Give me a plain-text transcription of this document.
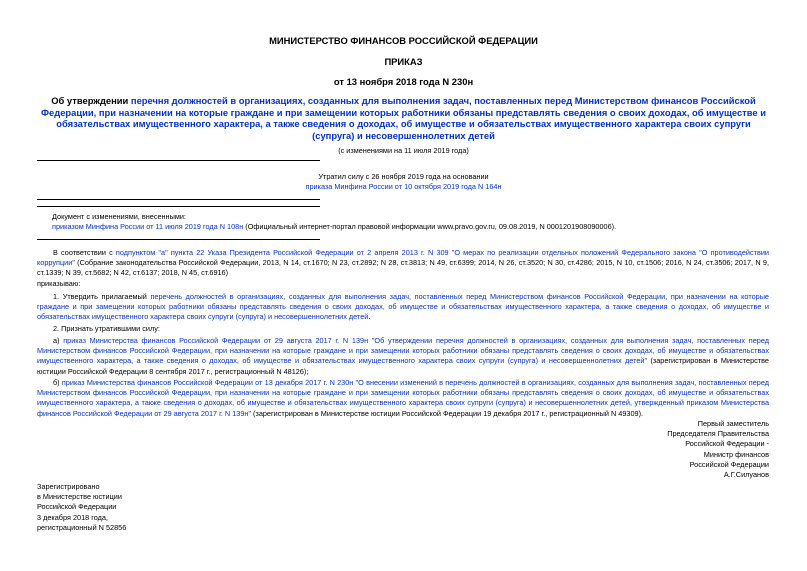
МИНИСТЕРСТВО ФИНАНСОВ РОССИЙСКОЙ ФЕДЕРАЦИИ
ПРИКАЗ
от 13 ноября 2018 года N 230н
Об утверждении перечня должностей в организациях, созданных для выполнения задач, поставленных перед Министерством финансов Российской Федерации, при назначении на которые граждане и при замещении которых работники обязаны представлять сведения о своих доходах, об имуществе и обязательствах имущественного характера, а также сведения о доходах, об имуществе и обязательствах имущественного характера своих супруги (супруга) и несовершеннолетних детей
(с изменениями на 11 июля 2019 года)
Утратил силу с 26 ноября 2019 года на основании
приказа Минфина России от 10 октября 2019 года N 164н
Документ с изменениями, внесенными:
приказом Минфина России от 11 июля 2019 года N 108н (Официальный интернет-портал правовой информации www.pravo.gov.ru, 09.08.2019, N 0001201908090006).
В соответствии с подпунктом "а" пункта 22 Указа Президента Российской Федерации от 2 апреля 2013 г. N 309 "О мерах по реализации отдельных положений Федерального закона "О противодействии коррупции" (Собрание законодательства Российской Федерации, 2013, N 14, ст.1670; N 23, ст.2892; N 28, ст.3813; N 49, ст.6399; 2014, N 26, ст.3520; N 30, ст.4286; 2015, N 10, ст.1506; 2016, N 24, ст.3506; 2017, N 9, ст.1339; N 39, ст.5682; N 42, ст.6137; 2018, N 45, ст.6916)
приказываю:
1. Утвердить прилагаемый перечень должностей в организациях, созданных для выполнения задач, поставленных перед Министерством финансов Российской Федерации, при назначении на которые граждане и при замещении которых работники обязаны представлять сведения о своих доходах, об имуществе и обязательствах имущественного характера, а также сведения о доходах, об имуществе и обязательствах имущественного характера своих супруги (супруга) и несовершеннолетних детей.
2. Признать утратившими силу:
а) приказ Министерства финансов Российской Федерации от 29 августа 2017 г. N 139н "Об утверждении перечня должностей в организациях, созданных для выполнения задач, поставленных перед Министерством финансов Российской Федерации, при назначении на которые граждане и при замещении которых работники обязаны представлять сведения о своих доходах, об имуществе и обязательствах имущественного характера, а также сведения о доходах, об имуществе и обязательствах имущественного характера своих супруги (супруга) и несовершеннолетних детей" (зарегистрирован в Министерстве юстиции Российской Федерации 8 сентября 2017 г., регистрационный N 48126);
б) приказ Министерства финансов Российской Федерации от 13 декабря 2017 г. N 230н "О внесении изменений в перечень должностей в организациях, созданных для выполнения задач, поставленных перед Министерством финансов Российской Федерации, при назначении на которые граждане и при замещении которых работники обязаны представлять сведения о своих доходах, об имуществе и обязательствах имущественного характера, а также сведения о доходах, об имуществе и обязательствах имущественного характера своих супруги (супруга) и несовершеннолетних детей, утвержденный приказом Министерства финансов Российской Федерации от 29 августа 2017 г. N 139н" (зарегистрирован в Министерстве юстиции Российской Федерации 19 декабря 2017 г., регистрационный N 49309).
Первый заместитель
Председателя Правительства
Российской Федерации -
Министр финансов
Российской Федерации
А.Г.Силуанов
Зарегистрировано
в Министерстве юстиции
Российской Федерации
3 декабря 2018 года,
регистрационный N 52856
